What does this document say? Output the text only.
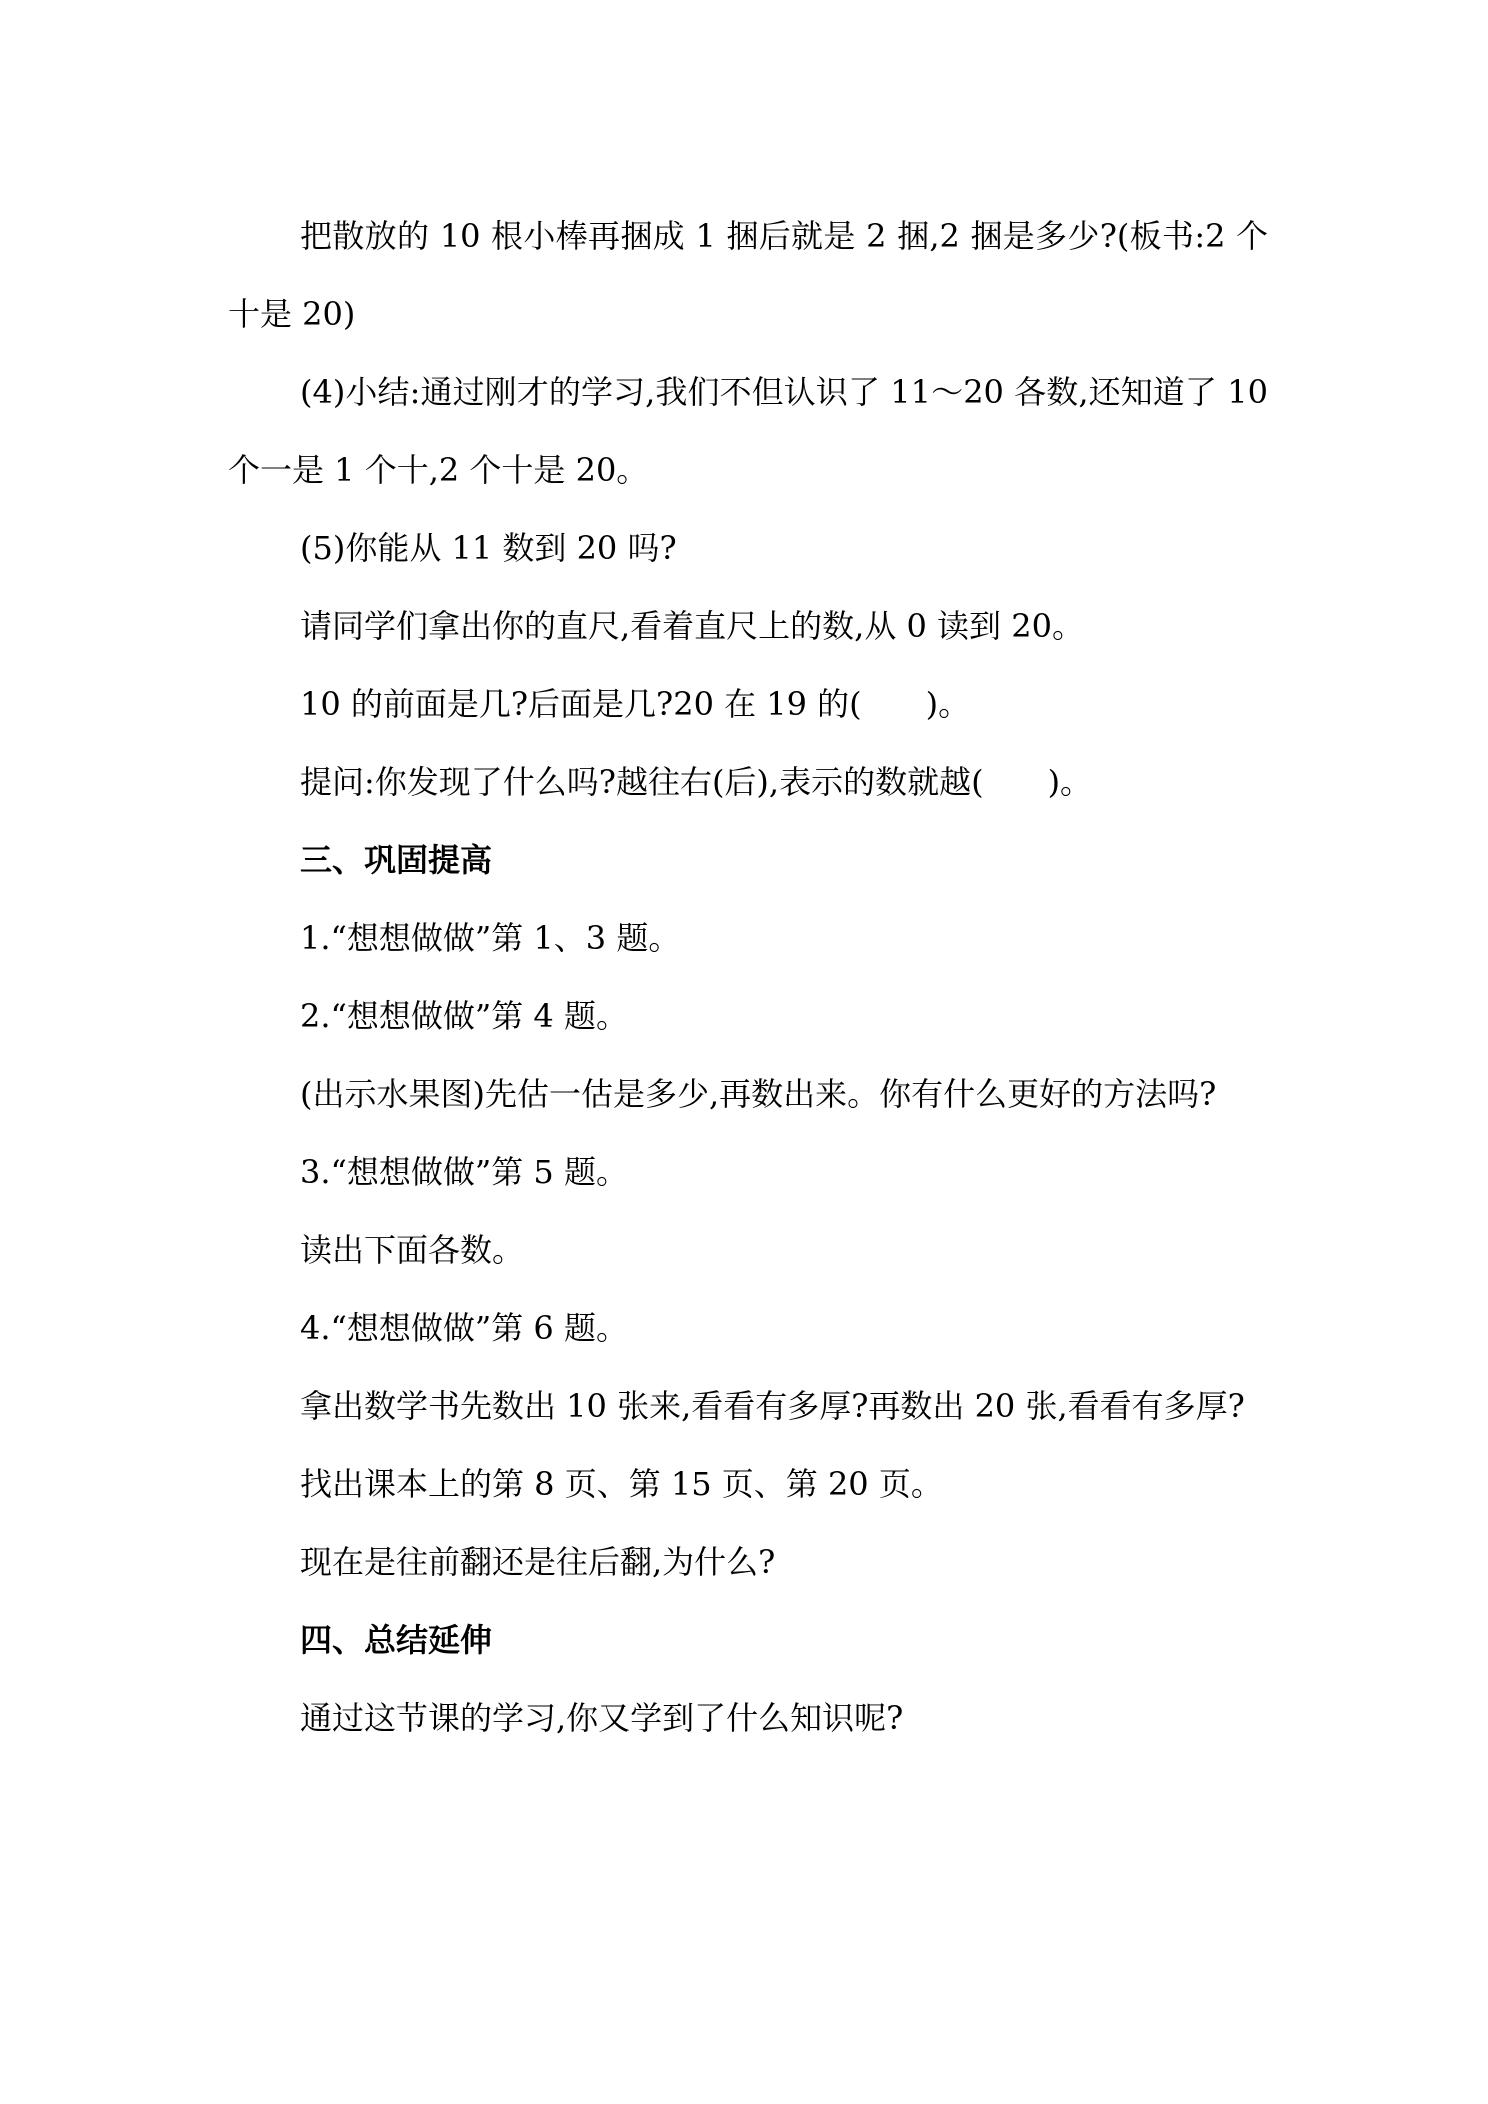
把散放的 10 根小棒再捆成 1 捆后就是 2 捆,2 捆是多少?(板书:2 个十是 20)

(4)小结:通过刚才的学习,我们不但认识了 11～20 各数,还知道了 10 个一是 1 个十,2 个十是 20。

(5)你能从 11 数到 20 吗?

请同学们拿出你的直尺,看着直尺上的数,从 0 读到 20。

10 的前面是几?后面是几?20 在 19 的(　　)。

提问:你发现了什么吗?越往右(后),表示的数就越(　　)。

三、巩固提高

1.“想想做做”第 1、3 题。

2.“想想做做”第 4 题。

(出示水果图)先估一估是多少,再数出来。你有什么更好的方法吗?

3.“想想做做”第 5 题。

读出下面各数。

4.“想想做做”第 6 题。

拿出数学书先数出 10 张来,看看有多厚?再数出 20 张,看看有多厚?

找出课本上的第 8 页、第 15 页、第 20 页。

现在是往前翻还是往后翻,为什么?

四、总结延伸

通过这节课的学习,你又学到了什么知识呢?
